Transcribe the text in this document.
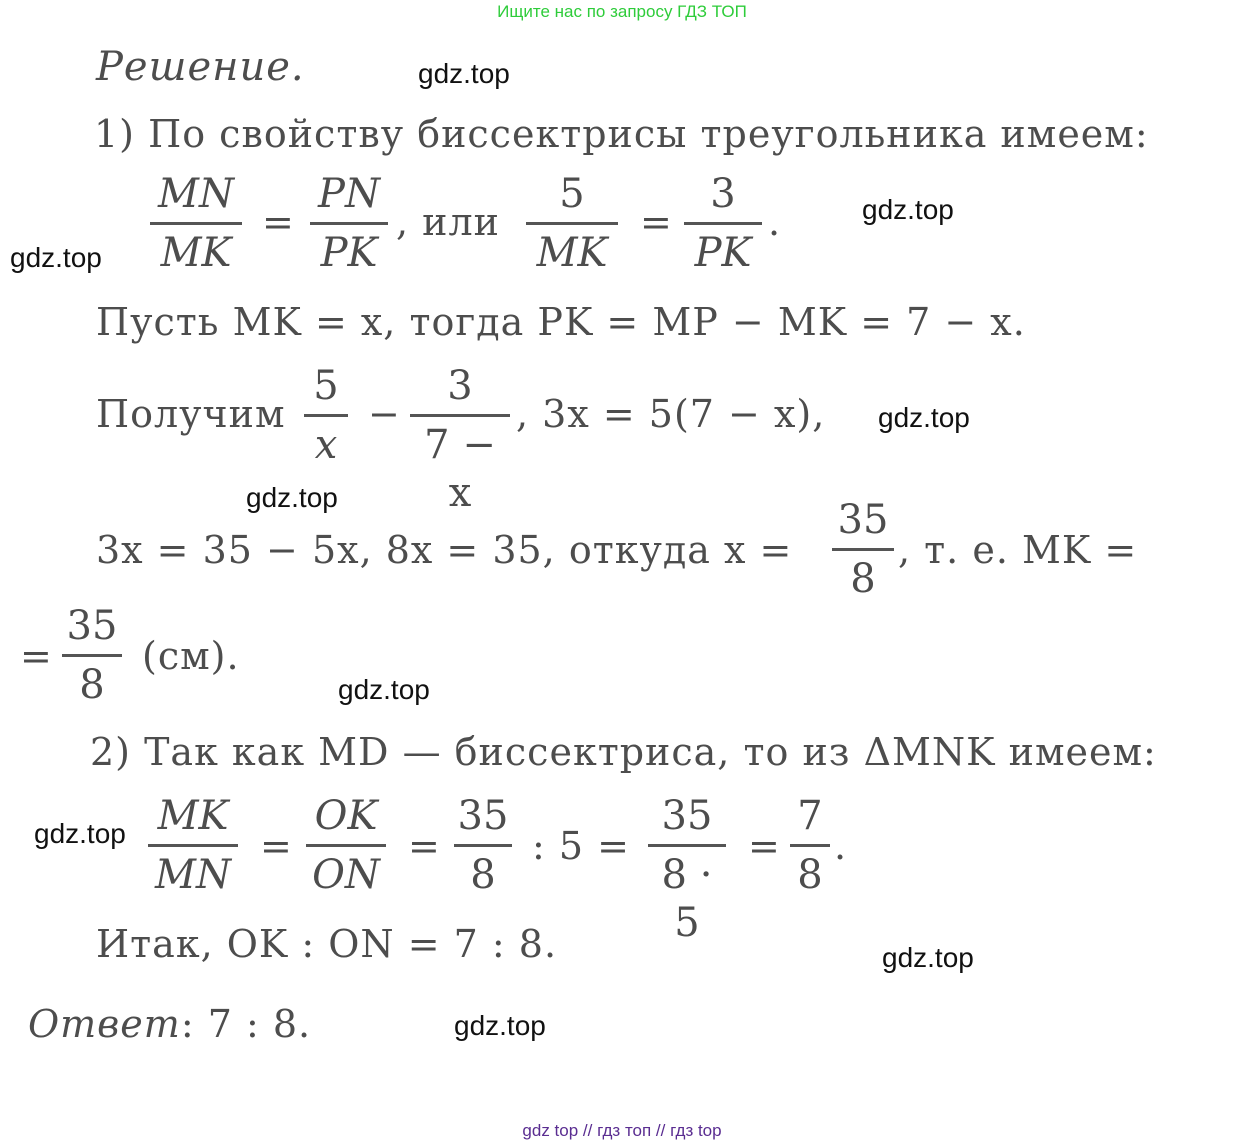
Ищите нас по запросу ГДЗ ТОП
gdz.top
gdz.top
gdz.top
gdz.top
gdz.top
gdz.top
gdz.top
gdz.top
gdz.top
Решение.
1) По свойству биссектрисы треугольника имеем:
MN
MK
=
PN
PK
, или
5
MK
=
3
PK
.
Пусть MK = x, тогда PK = MP − MK = 7 − x.
Получим
5
x
−
3
7 − x
, 3x = 5(7 − x),
3x = 35 − 5x, 8x = 35, откуда x =
35
8
, т. е. MK =
=
35
8
(см).
2) Так как MD — биссектриса, то из ΔMNK имеем:
MK
MN
=
OK
ON
=
35
8
: 5 =
35
8 · 5
=
7
8
.
Итак, OK : ON = 7 : 8.
Ответ: 7 : 8.
gdz top // гдз топ // гдз top
